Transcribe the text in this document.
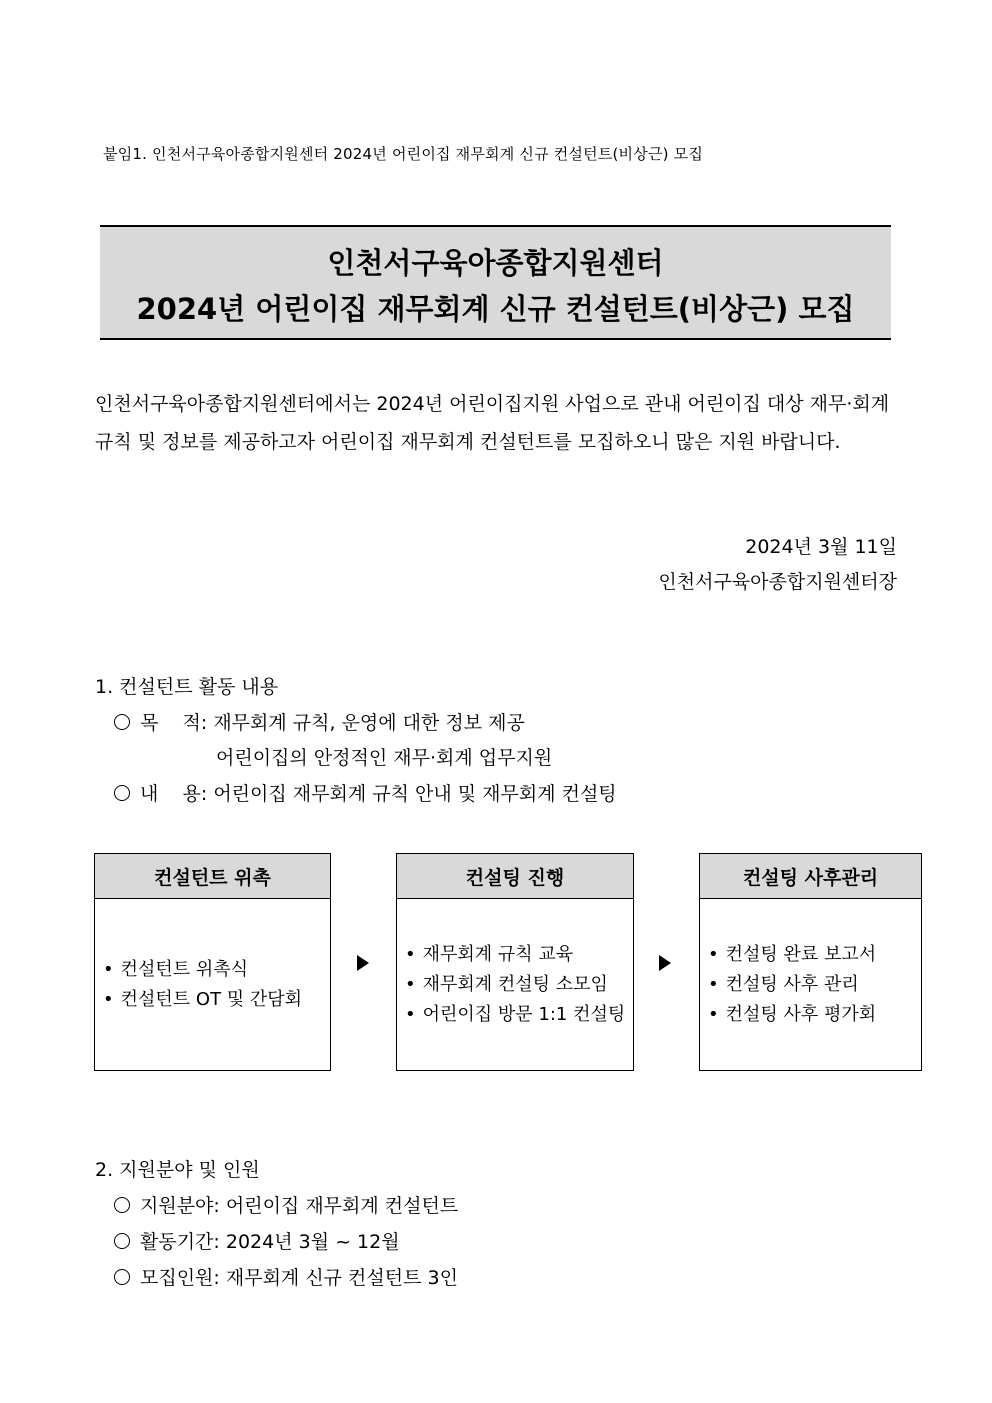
붙임1. 인천서구육아종합지원센터 2024년 어린이집 재무회계 신규 컨설턴트(비상근) 모집
인천서구육아종합지원센터
2024년 어린이집 재무회계 신규 컨설턴트(비상근) 모집
인천서구육아종합지원센터에서는 2024년 어린이집지원 사업으로 관내 어린이집 대상 재무·회계
규칙 및 정보를 제공하고자 어린이집 재무회계 컨설턴트를 모집하오니 많은 지원 바랍니다.
2024년 3월 11일
인천서구육아종합지원센터장
1. 컨설턴트 활동 내용
목    적: 재무회계 규칙, 운영에 대한 정보 제공
어린이집의 안정적인 재무·회계 업무지원
내    용: 어린이집 재무회계 규칙 안내 및 재무회계 컨설팅
컨설턴트 위촉
• 컨설턴트 위촉식
• 컨설턴트 OT 및 간담회
컨설팅 진행
• 재무회계 규칙 교육
• 재무회계 컨설팅 소모임
• 어린이집 방문 1:1 컨설팅
컨설팅 사후관리
• 컨설팅 완료 보고서
• 컨설팅 사후 관리
• 컨설팅 사후 평가회
2. 지원분야 및 인원
지원분야: 어린이집 재무회계 컨설턴트
활동기간: 2024년 3월 ~ 12월
모집인원: 재무회계 신규 컨설턴트 3인
